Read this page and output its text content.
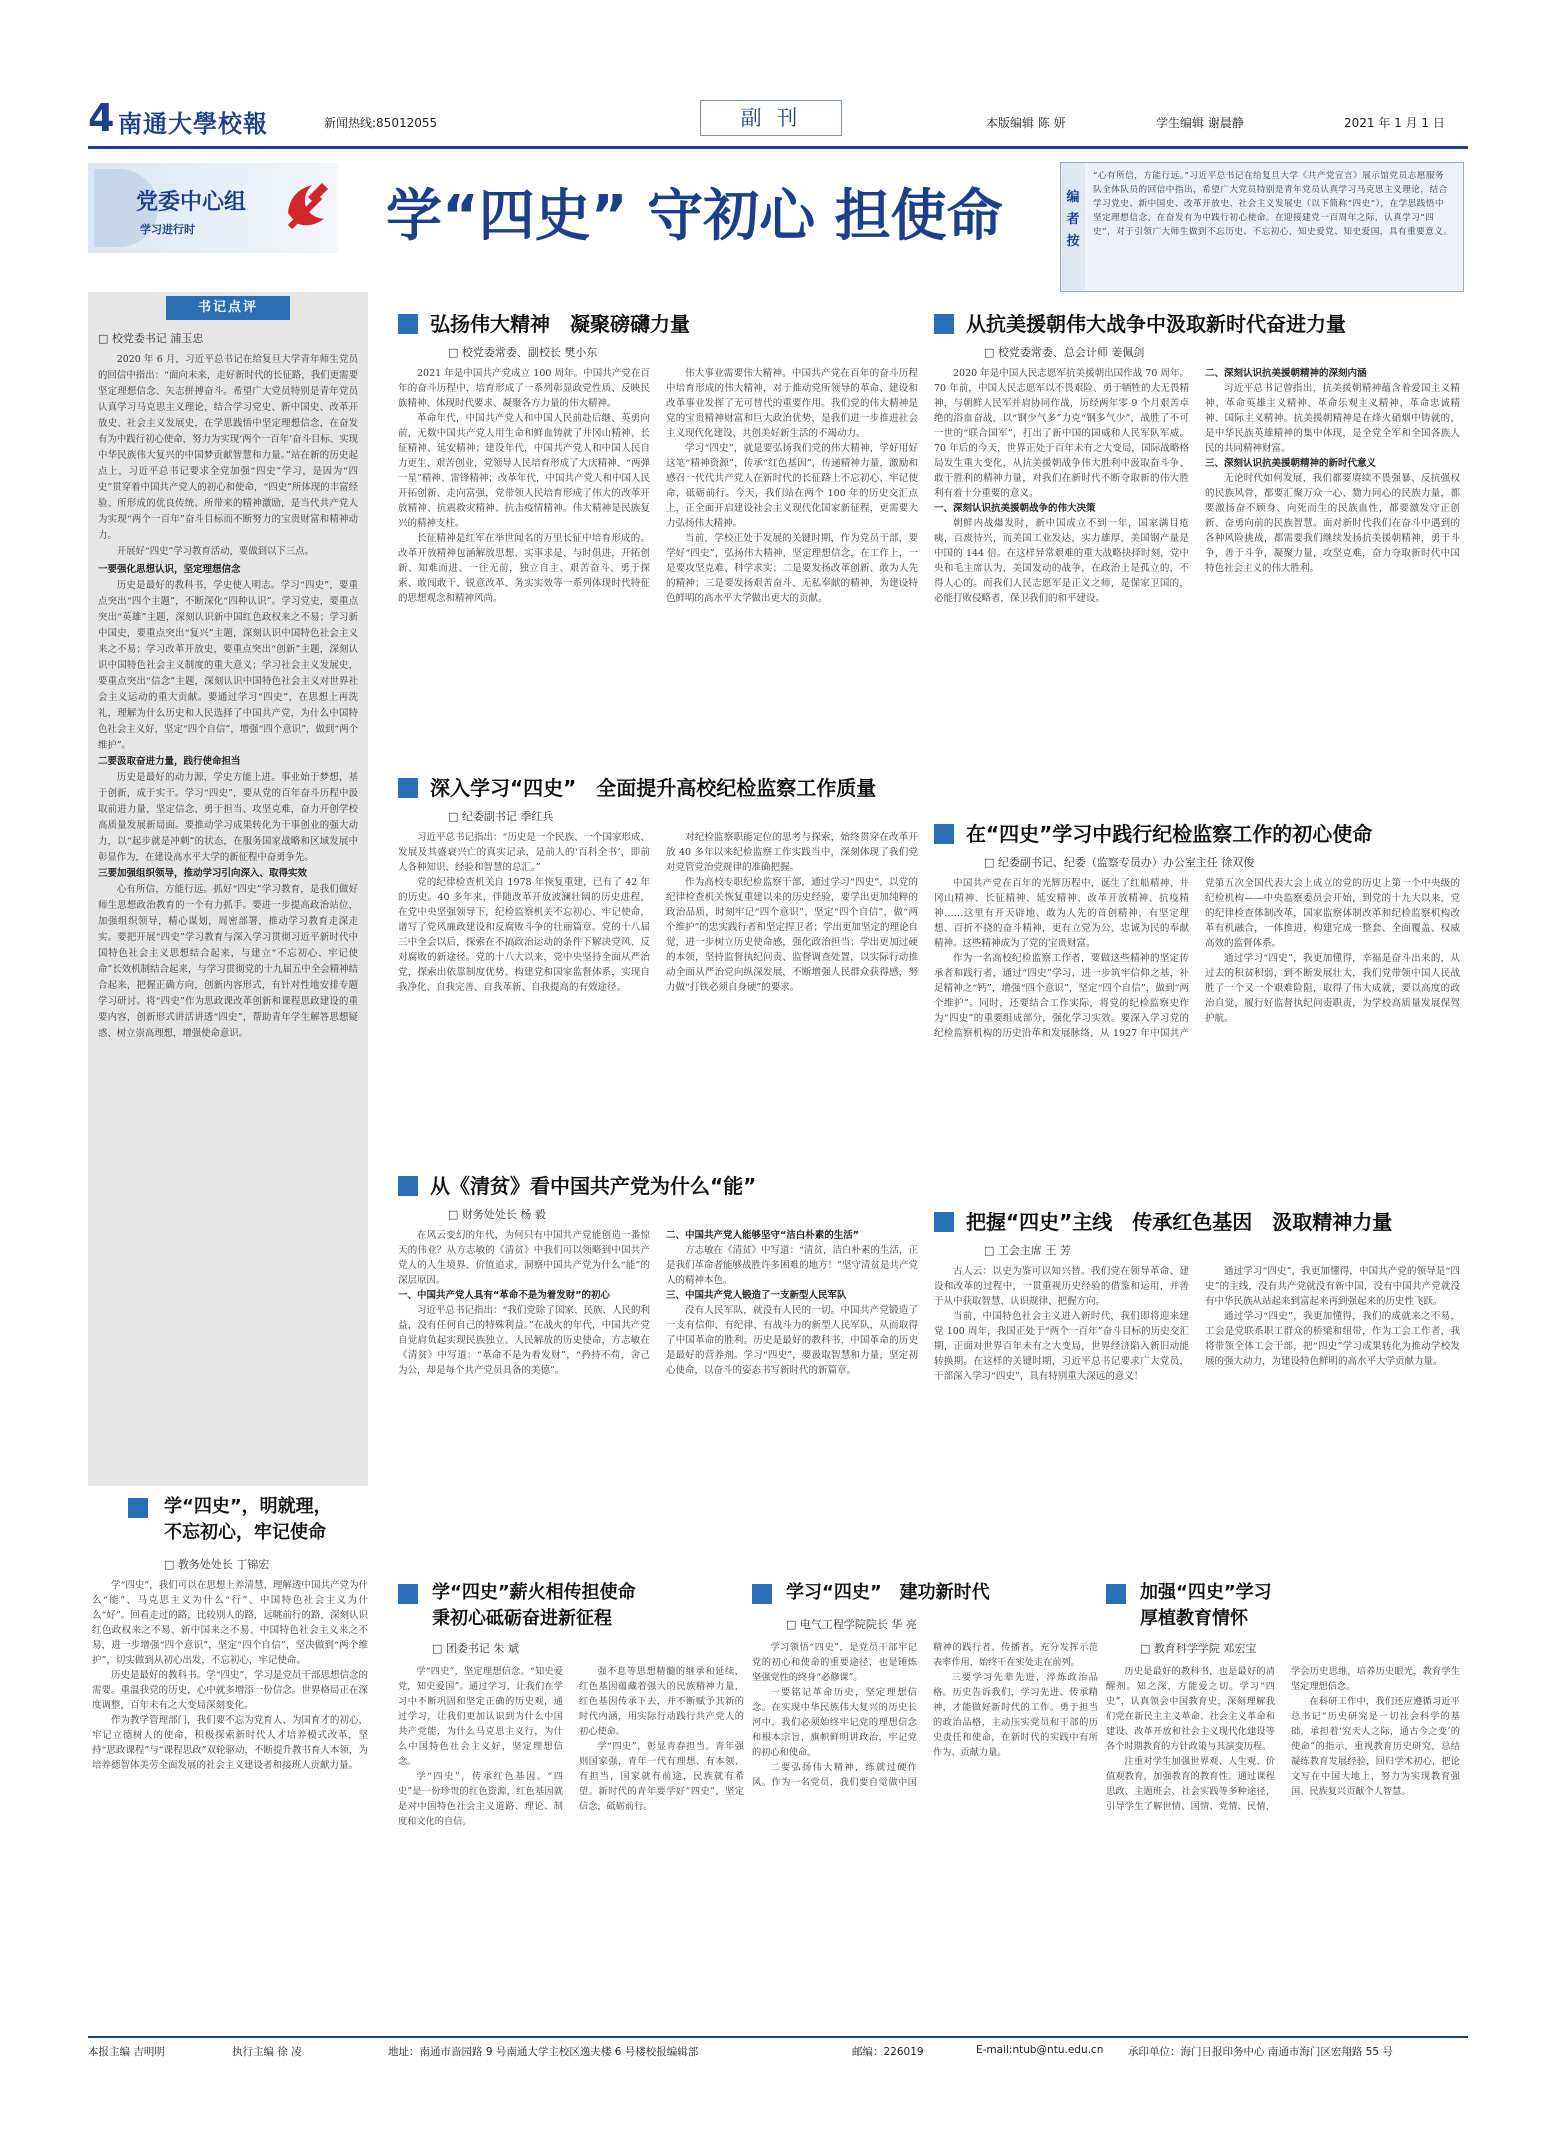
4 南通大學校報	新闻热线:85012055	副 刊	本版编辑 陈 妍	学生编辑 谢晨静	2021 年 1 月 1 日
党委中心组
学习进行时	学“四史” 守初心 担使命	编者按
“心有所信，方能行远。”习近平总书记在给复旦大学《共产党宣言》展示馆党员志愿服务队全体队员的回信中指出，希望广大党员特别是青年党员认真学习马克思主义理论，结合学习党史、新中国史、改革开放史、社会主义发展史（以下简称“四史”），在学思践悟中坚定理想信念，在奋发有为中践行初心使命。在迎接建党一百周年之际，认真学习“四史”，对于引领广大师生做到不忘历史、不忘初心，知史爱党、知史爱国，具有重要意义。
书记点评
□ 校党委书记 浦玉忠

2020 年 6 月，习近平总书记在给复旦大学青年师生党员的回信中指出：“面向未来，走好新时代的长征路，我们更需要坚定理想信念、矢志拼搏奋斗。希望广大党员特别是青年党员认真学习马克思主义理论，结合学习党史、新中国史、改革开放史、社会主义发展史，在学思践悟中坚定理想信念，在奋发有为中践行初心使命，努力为实现‘两个一百年’奋斗目标、实现中华民族伟大复兴的中国梦贡献智慧和力量。”站在新的历史起点上，习近平总书记要求全党加强“四史”学习，是因为“四史”贯穿着中国共产党人的初心和使命，“四史”所体现的丰富经验、所形成的优良传统、所带来的精神激励，是当代共产党人为实现“两个一百年”奋斗目标而不断努力的宝贵财富和精神动力。

开展好“四史”学习教育活动，要做到以下三点。

一要强化思想认识，坚定理想信念

历史是最好的教科书，学史使人明志。学习“四史”，要重点突出“四个主题”，不断深化“四种认识”。学习党史，要重点突出“英雄”主题，深刻认识新中国红色政权来之不易；学习新中国史，要重点突出“复兴”主题，深刻认识中国特色社会主义来之不易；学习改革开放史，要重点突出“创新”主题，深刻认识中国特色社会主义制度的重大意义；学习社会主义发展史，要重点突出“信念”主题，深刻认识中国特色社会主义对世界社会主义运动的重大贡献。要通过学习“四史”，在思想上再洗礼，理解为什么历史和人民选择了中国共产党，为什么中国特色社会主义好，坚定“四个自信”，增强“四个意识”，做到“两个维护”。

二要汲取奋进力量，践行使命担当

历史是最好的动力源，学史方能上进。事业始于梦想，基于创新，成于实干。学习“四史”，要从党的百年奋斗历程中汲取前进力量，坚定信念、勇于担当、攻坚克难，奋力开创学校高质量发展新局面。要推动学习成果转化为干事创业的强大动力，以“起步就是冲刺”的状态，在服务国家战略和区域发展中彰显作为，在建设高水平大学的新征程中奋勇争先。

三要加强组织领导，推动学习引向深入、取得实效

心有所信，方能行远。抓好“四史”学习教育，是我们做好师生思想政治教育的一个有力抓手。要进一步提高政治站位，加强组织领导，精心谋划，周密部署，推动学习教育走深走实。要把开展“四史”学习教育与深入学习贯彻习近平新时代中国特色社会主义思想结合起来，与建立“不忘初心、牢记使命”长效机制结合起来，与学习贯彻党的十九届五中全会精神结合起来，把握正确方向，创新内容形式，有针对性地安排专题学习研讨。将“四史”作为思政课改革创新和课程思政建设的重要内容，创新形式讲活讲透“四史”，帮助青年学生解答思想疑惑、树立崇高理想，增强使命意识。

弘扬伟大精神　凝聚磅礴力量
□ 校党委常委、副校长 樊小东

2021 年是中国共产党成立 100 周年。中国共产党在百年的奋斗历程中，培育形成了一系列彰显政党性质、反映民族精神、体现时代要求、凝聚各方力量的伟大精神。

革命年代，中国共产党人和中国人民前赴后继、英勇向前，无数中国共产党人用生命和鲜血铸就了井冈山精神、长征精神、延安精神；建设年代，中国共产党人和中国人民自力更生、艰苦创业，党领导人民培育形成了大庆精神、“两弹一星”精神、雷锋精神；改革年代，中国共产党人和中国人民开拓创新、走向富强，党带领人民培育形成了伟大的改革开放精神、抗震救灾精神、抗击疫情精神。伟大精神是民族复兴的精神支柱。

长征精神是红军在举世闻名的万里长征中培育形成的。改革开放精神包涵解放思想、实事求是、与时俱进，开拓创新、知难而进、一往无前，独立自主、艰苦奋斗、勇于探索、敢闯敢干、锐意改革、务实实效等一系列体现时代特征的思想观念和精神风尚。

伟大事业需要伟大精神。中国共产党在百年的奋斗历程中培育形成的伟大精神，对于推动党所领导的革命、建设和改革事业发挥了无可替代的重要作用。我们党的伟大精神是党的宝贵精神财富和巨大政治优势，是我们进一步推进社会主义现代化建设、共创美好新生活的不竭动力。

学习“四史”，就是要弘扬我们党的伟大精神，学好用好这笔“精神资源”，传承“红色基因”，传递精神力量，激励和感召一代代共产党人在新时代的长征路上不忘初心、牢记使命，砥砺前行。今天，我们站在两个 100 年的历史交汇点上，正全面开启建设社会主义现代化国家新征程，更需要大力弘扬伟大精神。

当前，学校正处于发展的关键时期，作为党员干部，要学好“四史”，弘扬伟大精神，坚定理想信念，在工作上，一是要攻坚克难、科学求实；二是要发扬改革创新、敢为人先的精神；三是要发扬艰苦奋斗、无私奉献的精神，为建设特色鲜明的高水平大学做出更大的贡献。

从抗美援朝伟大战争中汲取新时代奋进力量
□ 校党委常委、总会计师 姜佩剑

2020 年是中国人民志愿军抗美援朝出国作战 70 周年。70 年前，中国人民志愿军以不畏艰险、勇于牺牲的大无畏精神，与朝鲜人民军并肩协同作战，历经两年零 9 个月艰苦卓绝的浴血奋战，以“钢少气多”力克“钢多气少”，战胜了不可一世的“联合国军”，打出了新中国的国威和人民军队军威。70 年后的今天，世界正处于百年未有之大变局，国际战略格局发生重大变化，从抗美援朝战争伟大胜利中汲取奋斗争、敢于胜利的精神力量，对我们在新时代不断夺取新的伟大胜利有着十分重要的意义。

一、深刻认识抗美援朝战争的伟大决策

朝鲜内战爆发时，新中国成立不到一年，国家满目疮痍，百废待兴，而美国工业发达，实力雄厚，美国钢产量是中国的 144 倍。在这样异常艰难的重大战略抉择时刻，党中央和毛主席认为，美国发动的战争，在政治上是孤立的，不得人心的。而我们人民志愿军是正义之师，是保家卫国的，必能打败侵略者，保卫我们的和平建设。

二、深刻认识抗美援朝精神的深刻内涵

习近平总书记曾指出，抗美援朝精神蕴含着爱国主义精神、革命英雄主义精神、革命乐观主义精神、革命忠诚精神、国际主义精神。抗美援朝精神是在烽火硝烟中铸就的，是中华民族英雄精神的集中体现，是全党全军和全国各族人民的共同精神财富。

三、深刻认识抗美援朝精神的新时代意义

无论时代如何发展，我们都要赓续不畏强暴、反抗强权的民族风骨，都要汇聚万众一心、勠力同心的民族力量，都要激扬奋不顾身、向死而生的民族血性，都要激发守正创新、奋勇向前的民族智慧。面对新时代我们在奋斗中遇到的各种风险挑战，都需要我们继续发扬抗美援朝精神，勇于斗争，善于斗争，凝聚力量，攻坚克难，奋力夺取新时代中国特色社会主义的伟大胜利。

深入学习“四史”　全面提升高校纪检监察工作质量
□ 纪委副书记 季红兵

习近平总书记指出：“历史是一个民族、一个国家形成、发展及其盛衰兴亡的真实记录，是前人的‘百科全书’，即前人各种知识、经验和智慧的总汇。”

党的纪律检查机关自 1978 年恢复重建，已有了 42 年的历史。40 多年来，伴随改革开放波澜壮阔的历史进程，在党中央坚强领导下，纪检监察机关不忘初心、牢记使命，谱写了党风廉政建设和反腐败斗争的壮丽篇章。党的十八届三中全会以后，探索在不搞政治运动的条件下解决党风、反对腐败的新途径。党的十八大以来，党中央坚持全面从严治党，探索出依靠制度优势、构建党和国家监督体系，实现自我净化、自我完善、自我革新、自我提高的有效途径。

对纪检监察职能定位的思考与探索，始终贯穿在改革开放 40 多年以来纪检监察工作实践当中，深刻体现了我们党对党管党治党规律的准确把握。

作为高校专职纪检监察干部，通过学习“四史”，以党的纪律检查机关恢复重建以来的历史经验，要学出更加纯粹的政治品质，时刻牢记“四个意识”，坚定“四个自信”，做“两个维护”的忠实践行者和坚定捍卫者；学出更加坚定的理论自觉，进一步树立历史使命感，强化政治担当；学出更加过硬的本领，坚持监督执纪问责、监督调查处置，以实际行动推动全面从严治党向纵深发展，不断增强人民群众获得感，努力做“打铁必须自身硬”的要求。

在“四史”学习中践行纪检监察工作的初心使命
□ 纪委副书记、纪委（监察专员办）办公室主任 徐双俊

中国共产党在百年的光辉历程中，诞生了红船精神、井冈山精神、长征精神、延安精神、改革开放精神、抗疫精神……这里有开天辟地、敢为人先的首创精神，有坚定理想、百折不挠的奋斗精神，更有立党为公、忠诚为民的奉献精神。这些精神成为了党的宝贵财富。

作为一名高校纪检监察工作者，要做这些精神的坚定传承者和践行者，通过“四史”学习，进一步筑牢信仰之基，补足精神之“钙”，增强“四个意识”，坚定“四个自信”，做到“两个维护”。同时，还要结合工作实际，将党的纪检监察史作为“四史”的重要组成部分，强化学习实效。要深入学习党的纪检监察机构的历史沿革和发展脉络，从 1927 年中国共产党第五次全国代表大会上成立的党的历史上第一个中央级的纪检机构——中央监察委员会开始，到党的十九大以来，党的纪律检查体制改革，国家监察体制改革和纪检监察机构改革有机融合，一体推进，构建完成一整套、全面覆盖、权威高效的监督体系。

通过学习“四史”，我更加懂得，幸福是奋斗出来的，从过去的积贫积弱，到不断发展壮大，我们党带领中国人民战胜了一个又一个艰难险阻，取得了伟大成就，要以高度的政治自觉，履行好监督执纪问责职责，为学校高质量发展保驾护航。

从《清贫》看中国共产党为什么“能”
□ 财务处处长 杨 毅

在风云变幻的年代，为何只有中国共产党能创造一番惊天的伟业？从方志敏的《清贫》中我们可以领略到中国共产党人的人生境界、价值追求，洞察中国共产党为什么“能”的深层原因。

一、中国共产党人具有“革命不是为着发财”的初心

习近平总书记指出：“我们党除了国家、民族、人民的利益，没有任何自己的特殊利益。”在战火的年代，中国共产党自觉肩负起实现民族独立、人民解放的历史使命，方志敏在《清贫》中写道：“革命不是为着发财”，“矜持不苟，舍己为公，却是每个共产党员具备的美德”。

二、中国共产党人能够坚守“洁白朴素的生活”

方志敏在《清贫》中写道：“清贫，洁白朴素的生活，正是我们革命者能够战胜许多困难的地方！”坚守清贫是共产党人的精神本色。

三、中国共产党人锻造了一支新型人民军队

没有人民军队，就没有人民的一切。中国共产党锻造了一支有信仰、有纪律、有战斗力的新型人民军队，从而取得了中国革命的胜利。历史是最好的教科书，中国革命的历史是最好的营养剂。学习“四史”，要汲取智慧和力量，坚定初心使命，以奋斗的姿态书写新时代的新篇章。

把握“四史”主线　传承红色基因　汲取精神力量
□ 工会主席 王 芳

古人云：以史为鉴可以知兴替。我们党在领导革命、建设和改革的过程中，一贯重视历史经验的借鉴和运用，并善于从中获取智慧、认识规律、把握方向。

当前，中国特色社会主义进入新时代，我们即将迎来建党 100 周年，我国正处于“两个一百年”奋斗目标的历史交汇期，正面对世界百年未有之大变局，世界经济陷入新旧动能转换期。在这样的关键时期，习近平总书记要求广大党员，干部深入学习“四史”，具有特别重大深远的意义！

通过学习“四史”，我更加懂得，中国共产党的领导是“四史”的主线，没有共产党就没有新中国，没有中国共产党就没有中华民族从站起来到富起来再到强起来的历史性飞跃。

通过学习“四史”，我更加懂得，我们的成就来之不易，工会是党联系职工群众的桥梁和纽带，作为工会工作者，我将带领全体工会干部，把“四史”学习成果转化为推动学校发展的强大动力，为建设特色鲜明的高水平大学贡献力量。

学“四史”，明就理，
不忘初心，牢记使命
□ 教务处处长 丁锦宏

学“四史”，我们可以在思想上养清慧、理解透中国共产党为什么“能”、马克思主义为什么“行”、中国特色社会主义为什么“好”。回看走过的路，比较别人的路，远眺前行的路，深刻认识红色政权来之不易、新中国来之不易、中国特色社会主义来之不易，进一步增强“四个意识”，坚定“四个自信”，坚决做到“两个维护”，切实做到从初心出发，不忘初心，牢记使命。

历史是最好的教科书。学“四史”，学习是党员干部思想信念的需要。重温我党的历史，心中就多增添一份信念。世界格局正在深度调整，百年未有之大变局深刻变化。

作为教学管理部门，我们要不忘为党育人、为国育才的初心，牢记立德树人的使命，积极探索新时代人才培养模式改革，坚持“思政课程”与“课程思政”双轮驱动，不断提升教书育人本领，为培养德智体美劳全面发展的社会主义建设者和接班人贡献力量。

学“四史”薪火相传担使命
秉初心砥砺奋进新征程
□ 团委书记 朱 斌

学“四史”，坚定理想信念。“知史爱党，知史爱国”。通过学习，让我们在学习中不断巩固和坚定正确的历史观，通过学习，让我们更加认识到为什么中国共产党能，为什么马克思主义行，为什么中国特色社会主义好，坚定理想信念。

学“四史”，传承红色基因。“四史”是一份珍贵的红色资源，红色基因就是对中国特色社会主义道路、理论、制度和文化的自信。

强不息等思想精髓的继承和延续，红色基因蕴藏着强大的民族精神力量，红色基因传承下去，并不断赋予其新的时代内涵，用实际行动践行共产党人的初心使命。

学“四史”，彰显青春担当。青年强则国家强，青年一代有理想、有本领、有担当，国家就有前途，民族就有希望。新时代的青年要学好“四史”，坚定信念，砥砺前行。

学习“四史”　建功新时代
□ 电气工程学院院长 华 亮

学习领悟“四史”，是党员干部牢记党的初心和使命的重要途径，也是锤炼坚强党性的终身“必修课”。

一要铭记革命历史，坚定理想信念。在实现中华民族伟大复兴的历史长河中，我们必须始终牢记党的理想信念和根本宗旨，旗帜鲜明讲政治，牢记党的初心和使命。

二要弘扬伟大精神，练就过硬作风。作为一名党员，我们要自觉做中国精神的践行者、传播者，充分发挥示范表率作用，始终干在实处走在前列。

三要学习先辈先进，淬炼政治品格。历史告诉我们，学习先进、传承精神，才能做好新时代的工作。勇于担当的政治品格，主动压实党员和干部的历史责任和使命，在新时代的实践中有所作为、贡献力量。

加强“四史”学习
厚植教育情怀
□ 教育科学学院 邓宏宝

历史是最好的教科书，也是最好的清醒剂。知之深，方能爱之切。学习“四史”，认真领会中国教育史，深刻理解我们党在新民主主义革命、社会主义革命和建设、改革开放和社会主义现代化建设等各个时期教育的方针政策与其演变历程。

注重对学生加强世界观、人生观、价值观教育，加强教育的教育性。通过课程思政、主题班会、社会实践等多种途径，引导学生了解世情、国情、党情、民情，学会历史思维，培养历史眼光，教育学生坚定理想信念。

在科研工作中，我们还应遵循习近平总书记“历史研究是一切社会科学的基础，承担着‘究天人之际，通古今之变’的使命”的指示，重视教育历史研究，总结凝练教育发展经验，回归学术初心，把论文写在中国大地上，努力为实现教育强国、民族复兴贡献个人智慧。

本报主编 吉明明	执行主编 徐 凌	地址：南通市啬园路 9 号南通大学主校区逸夫楼 6 号楼校报编辑部	邮编：226019	E-mail:ntub@ntu.edu.cn 承印单位：海门日报印务中心 南通市海门区宏翔路 55 号
